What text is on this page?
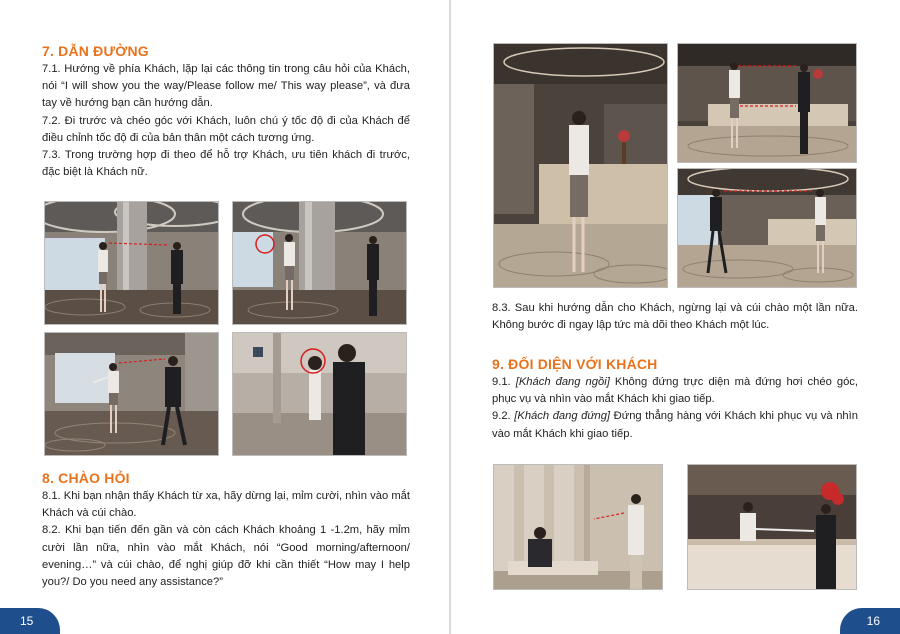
7. DẪN ĐƯỜNG

7.1. Hướng về phía Khách, lặp lại các thông tin trong câu hỏi của Khách, nói “I will show you the way/Please follow me/ This way please”, và đưa tay về hướng bạn cần hướng dẫn.

7.2. Đi trước và chéo góc với Khách, luôn chú ý tốc độ đi của Khách để điều chỉnh tốc độ đi của bản thân một cách tương ứng.

7.3. Trong trường hợp đi theo để hỗ trợ Khách, ưu tiên khách đi trước, đặc biệt là Khách nữ.

8. CHÀO HỎI

8.1. Khi bạn nhận thấy Khách từ xa, hãy dừng lại, mỉm cười, nhìn vào mắt Khách và cúi chào.

8.2. Khi bạn tiến đến gần và còn cách Khách khoảng 1 -1.2m, hãy mỉm cười lần nữa, nhìn vào mắt Khách, nói “Good morning/afternoon/ evening…” và cúi chào, để nghị giúp đỡ khi cần thiết “How may I help you?/ Do you need any assistance?”

15

8.3. Sau khi hướng dẫn cho Khách, ngừng lại và cúi chào một lần nữa. Không bước đi ngay lập tức mà dõi theo Khách một lúc.

9. ĐỐI DIỆN VỚI KHÁCH

9.1. [Khách đang ngồi] Không đứng trực diện mà đứng hơi chéo góc, phục vụ và nhìn vào mắt Khách khi giao tiếp.

9.2. [Khách đang đứng] Đứng thẳng hàng với Khách khi phục vụ và nhìn vào mắt Khách khi giao tiếp.

16
